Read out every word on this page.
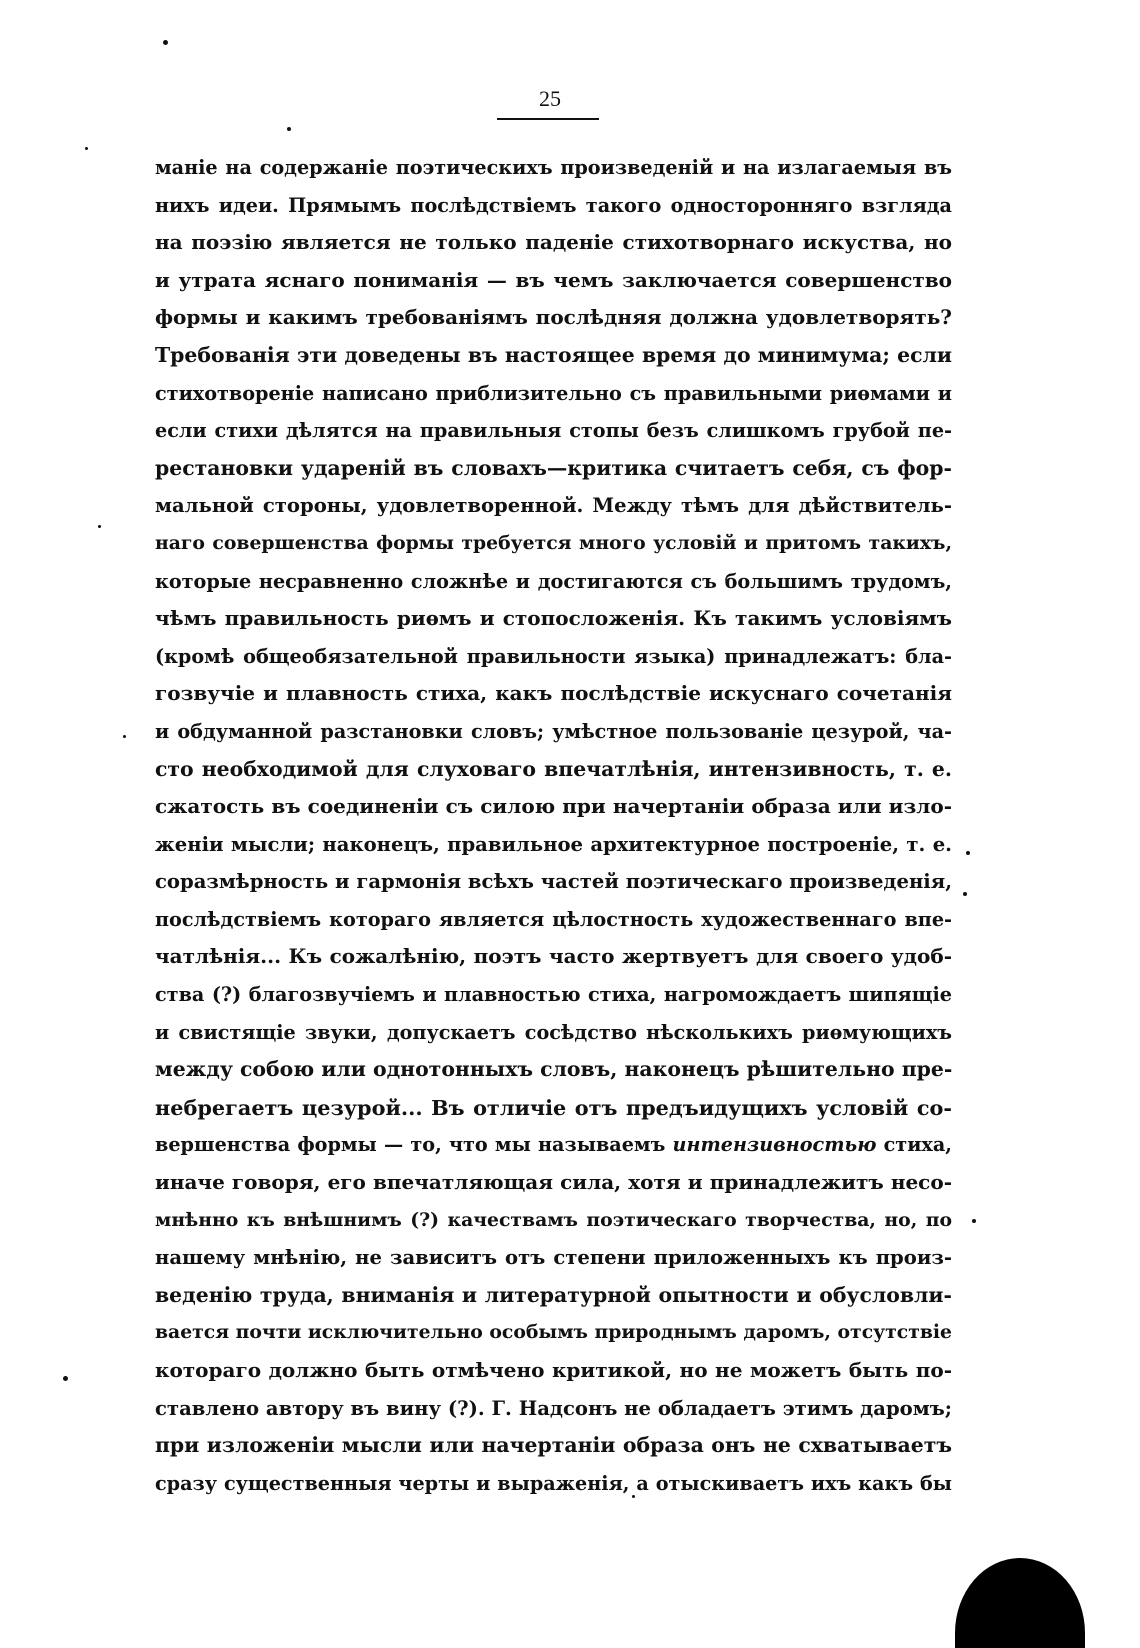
25
маніе на содержаніе поэтическихъ произведеній и на излагаемыя въ
нихъ идеи. Прямымъ послѣдствіемъ такого односторонняго взгляда
на поэзію является не только паденіе стихотворнаго искуства, но
и утрата яснаго пониманія — въ чемъ заключается совершенство
формы и какимъ требованіямъ послѣдняя должна удовлетворять?
Требованія эти доведены въ настоящее время до минимума; если
стихотвореніе написано приблизительно съ правильными риѳмами и
если стихи дѣлятся на правильныя стопы безъ слишкомъ грубой пе-
рестановки удареній въ словахъ—критика считаетъ себя, съ фор-
мальной стороны, удовлетворенной. Между тѣмъ для дѣйствитель-
наго совершенства формы требуется много условій и притомъ такихъ,
которые несравненно сложнѣе и достигаются съ большимъ трудомъ,
чѣмъ правильность риѳмъ и стопосложенія. Къ такимъ условіямъ
(кромѣ общеобязательной правильности языка) принадлежатъ: бла-
гозвучіе и плавность стиха, какъ послѣдствіе искуснаго сочетанія
и обдуманной разстановки словъ; умѣстное пользованіе цезурой, ча-
сто необходимой для слуховаго впечатлѣнія, интензивность, т. е.
сжатость въ соединеніи съ силою при начертаніи образа или изло-
женіи мысли; наконецъ, правильное архитектурное построеніе, т. е.
соразмѣрность и гармонія всѣхъ частей поэтическаго произведенія,
послѣдствіемъ котораго является цѣлостность художественнаго впе-
чатлѣнія... Къ сожалѣнію, поэтъ часто жертвуетъ для своего удоб-
ства (?) благозвучіемъ и плавностью стиха, нагромождаетъ шипящіе
и свистящіе звуки, допускаетъ сосѣдство нѣсколькихъ риѳмующихъ
между собою или однотонныхъ словъ, наконецъ рѣшительно пре-
небрегаетъ цезурой... Въ отличіе отъ предъидущихъ условій со-
вершенства формы — то, что мы называемъ интензивностью стиха,
иначе говоря, его впечатляющая сила, хотя и принадлежитъ несо-
мнѣнно къ внѣшнимъ (?) качествамъ поэтическаго творчества, но, по
нашему мнѣнію, не зависитъ отъ степени приложенныхъ къ произ-
веденію труда, вниманія и литературной опытности и обусловли-
вается почти исключительно особымъ природнымъ даромъ, отсутствіе
котораго должно быть отмѣчено критикой, но не можетъ быть по-
ставлено автору въ вину (?). Г. Надсонъ не обладаетъ этимъ даромъ;
при изложеніи мысли или начертаніи образа онъ не схватываетъ
сразу существенныя черты и выраженія, а отыскиваетъ ихъ какъ бы
